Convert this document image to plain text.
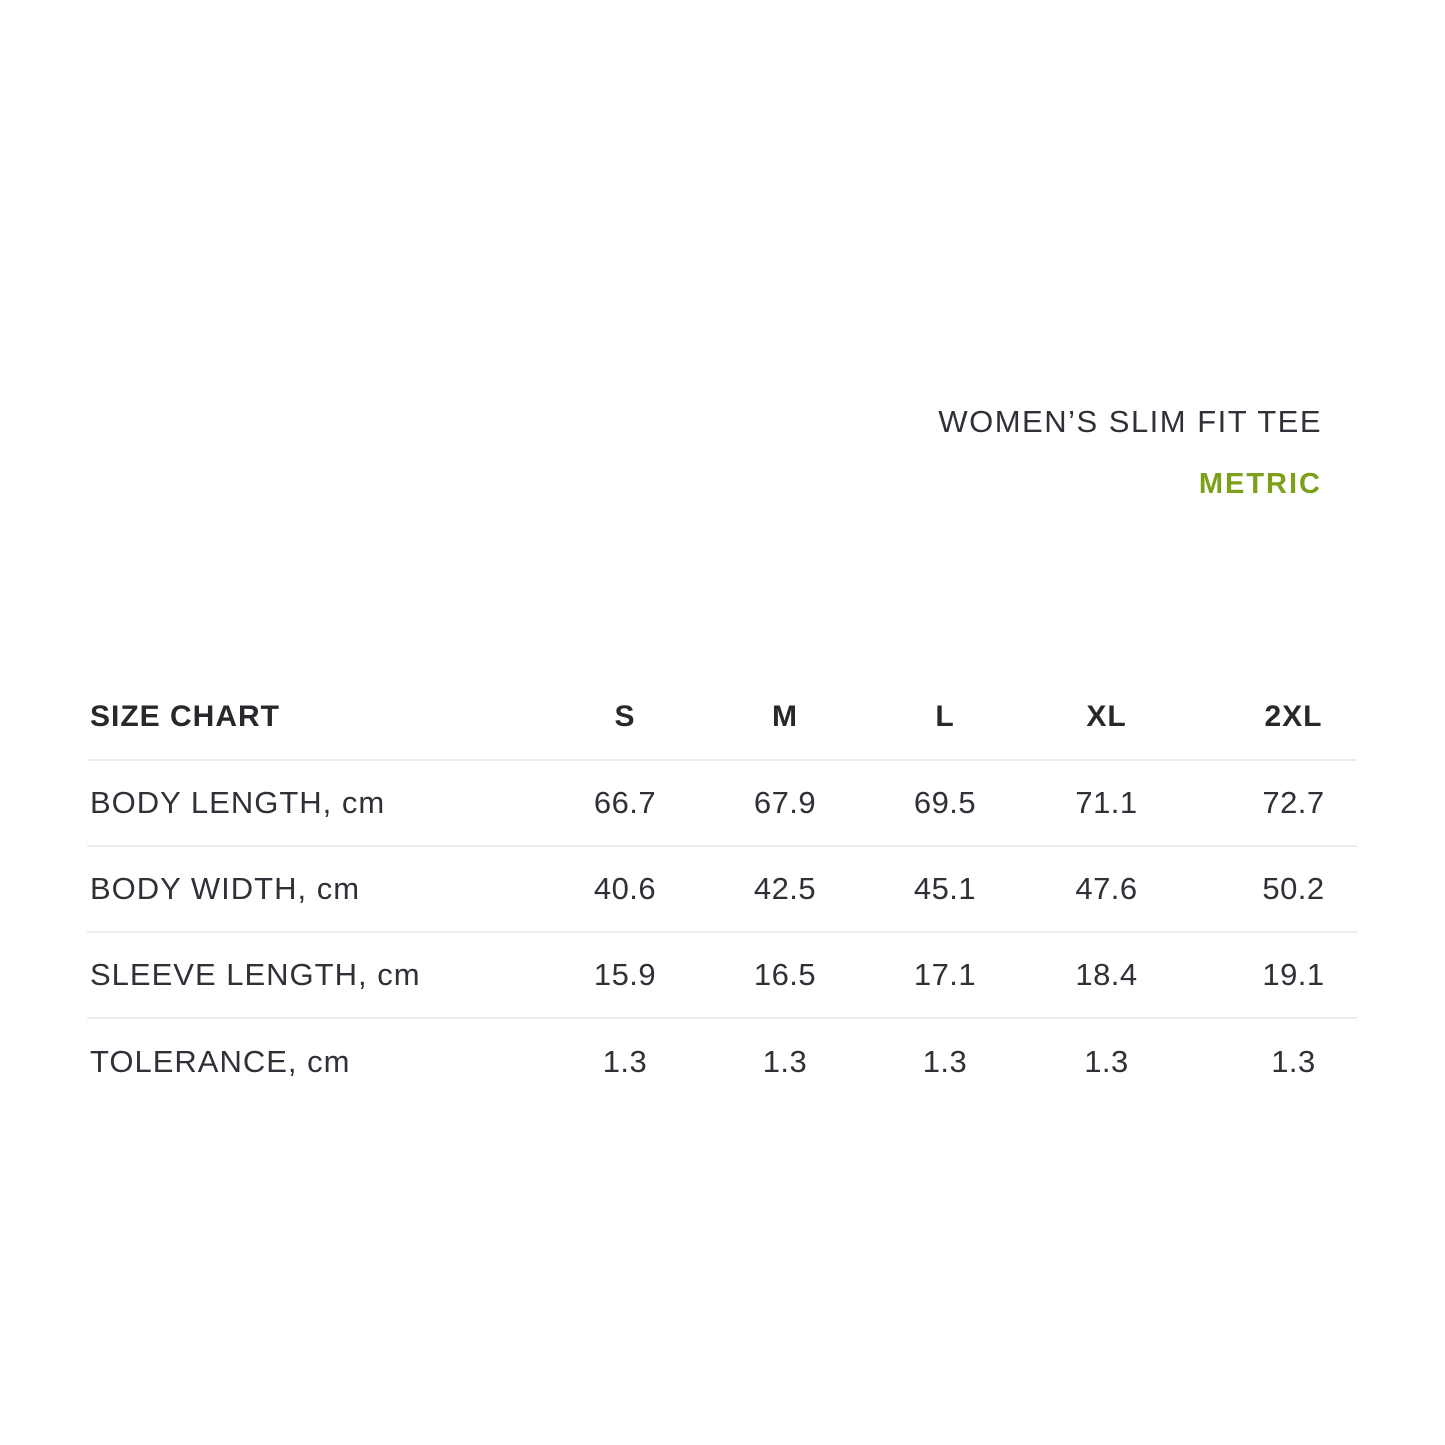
WOMEN’S SLIM FIT TEE
METRIC
SIZE CHART	S	M	L	XL	2XL
BODY LENGTH, cm	66.7	67.9	69.5	71.1	72.7
BODY WIDTH, cm	40.6	42.5	45.1	47.6	50.2
SLEEVE LENGTH, cm	15.9	16.5	17.1	18.4	19.1
TOLERANCE, cm	1.3	1.3	1.3	1.3	1.3
